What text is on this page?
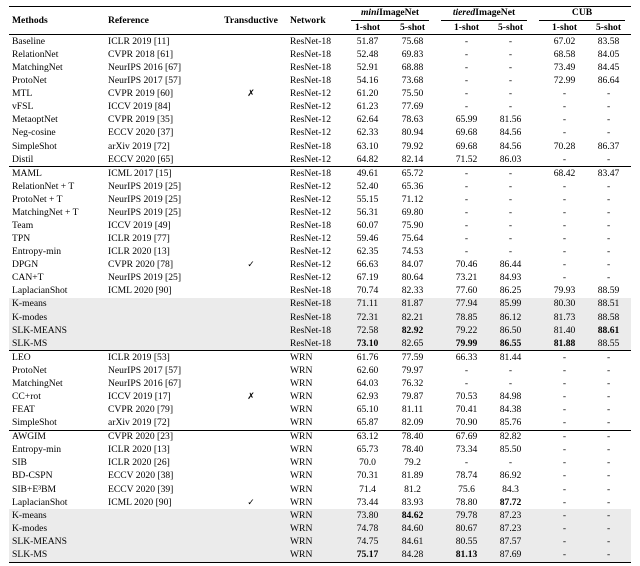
Methods	Reference	Transductive	Network	miniImageNet		tieredImageNet		CUB	

				1-shot	5-shot	1-shot	5-shot	1-shot	5-shot
Baseline	ICLR 2019 [11]		ResNet-18	51.87	75.68	-	-	67.02	83.58
RelationNet	CVPR 2018 [61]		ResNet-18	52.48	69.83	-	-	68.58	84.05
MatchingNet	NeurIPS 2016 [67]		ResNet-18	52.91	68.88	-	-	73.49	84.45
ProtoNet	NeurIPS 2017 [57]		ResNet-18	54.16	73.68	-	-	72.99	86.64
MTL	CVPR 2019 [60]	✗	ResNet-12	61.20	75.50	-	-	-	-
vFSL	ICCV 2019 [84]		ResNet-12	61.23	77.69	-	-	-	-
MetaoptNet	CVPR 2019 [35]		ResNet-12	62.64	78.63	65.99	81.56	-	-
Neg-cosine	ECCV 2020 [37]		ResNet-12	62.33	80.94	69.68	84.56	-	-
SimpleShot	arXiv 2019 [72]		ResNet-18	63.10	79.92	69.68	84.56	70.28	86.37
Distil	ECCV 2020 [65]		ResNet-12	64.82	82.14	71.52	86.03	-	-
MAML	ICML 2017 [15]		ResNet-18	49.61	65.72	-	-	68.42	83.47
RelationNet + T	NeurIPS 2019 [25]		ResNet-12	52.40	65.36	-	-	-	-
ProtoNet + T	NeurIPS 2019 [25]		ResNet-12	55.15	71.12	-	-	-	-
MatchingNet + T	NeurIPS 2019 [25]		ResNet-12	56.31	69.80	-	-	-	-
Team	ICCV 2019 [49]		ResNet-18	60.07	75.90	-	-	-	-
TPN	ICLR 2019 [77]		ResNet-12	59.46	75.64	-	-	-	-
Entropy-min	ICLR 2020 [13]		ResNet-12	62.35	74.53	-	-	-	-
DPGN	CVPR 2020 [78]	✓	ResNet-12	66.63	84.07	70.46	86.44	-	-
CAN+T	NeurIPS 2019 [25]		ResNet-12	67.19	80.64	73.21	84.93	-	-
LaplacianShot	ICML 2020 [90]		ResNet-18	70.74	82.33	77.60	86.25	79.93	88.59
K-means			ResNet-18	71.11	81.87	77.94	85.99	80.30	88.51
K-modes			ResNet-18	72.31	82.21	78.85	86.12	81.73	88.58
SLK-MEANS			ResNet-18	72.58	82.92	79.22	86.50	81.40	88.61
SLK-MS			ResNet-18	73.10	82.65	79.99	86.55	81.88	88.55
LEO	ICLR 2019 [53]		WRN	61.76	77.59	66.33	81.44	-	-
ProtoNet	NeurIPS 2017 [57]		WRN	62.60	79.97	-	-	-	-
MatchingNet	NeurIPS 2016 [67]		WRN	64.03	76.32	-	-	-	-
CC+rot	ICCV 2019 [17]	✗	WRN	62.93	79.87	70.53	84.98	-	-
FEAT	CVPR 2020 [79]		WRN	65.10	81.11	70.41	84.38	-	-
SimpleShot	arXiv 2019 [72]		WRN	65.87	82.09	70.90	85.76	-	-
AWGIM	CVPR 2020 [23]		WRN	63.12	78.40	67.69	82.82	-	-
Entropy-min	ICLR 2020 [13]		WRN	65.73	78.40	73.34	85.50	-	-
SIB	ICLR 2020 [26]		WRN	70.0	79.2	-	-	-	-
BD-CSPN	ECCV 2020 [38]		WRN	70.31	81.89	78.74	86.92	-	-
SIB+E³BM	ECCV 2020 [39]		WRN	71.4	81.2	75.6	84.3	-	-
LaplacianShot	ICML 2020 [90]	✓	WRN	73.44	83.93	78.80	87.72	-	-
K-means			WRN	73.80	84.62	79.78	87.23	-	-
K-modes			WRN	74.78	84.60	80.67	87.23	-	-
SLK-MEANS			WRN	74.75	84.61	80.55	87.57	-	-
SLK-MS			WRN	75.17	84.28	81.13	87.69	-	-
